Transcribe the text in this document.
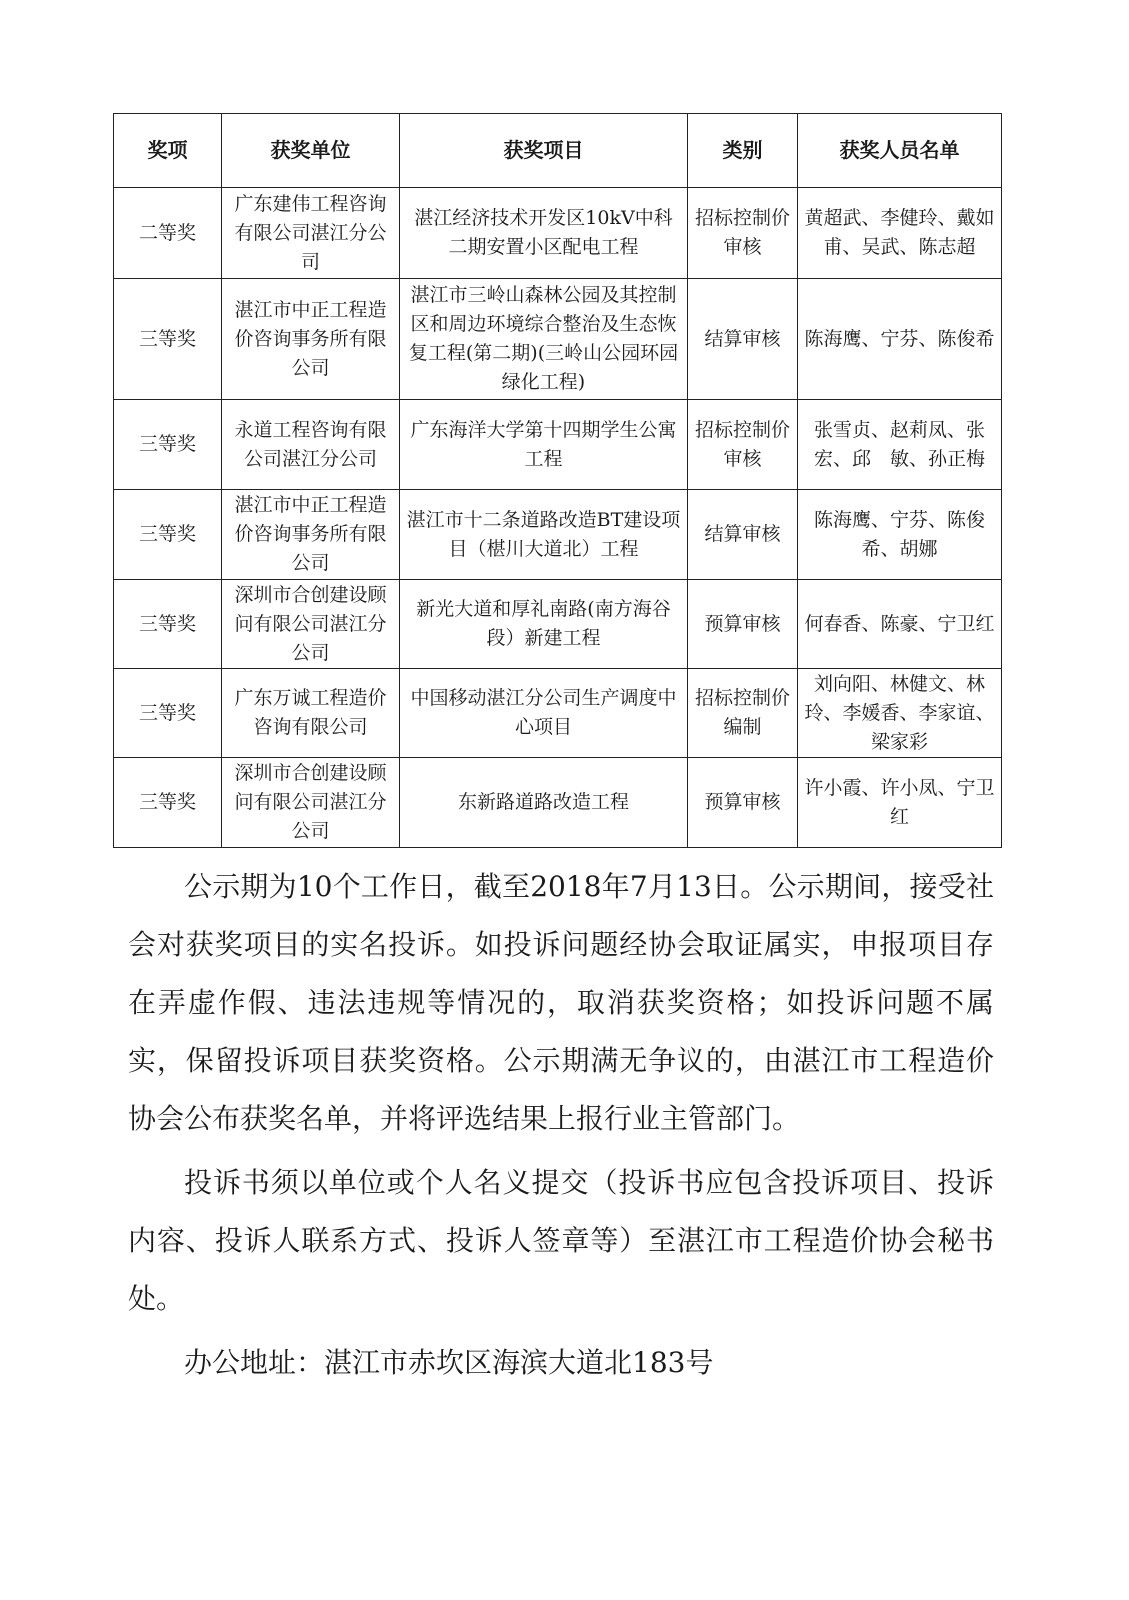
奖项	获奖单位	获奖项目	类别	获奖人员名单
二等奖	广东建伟工程咨询有限公司湛江分公司	湛江经济技术开发区10kV中科二期安置小区配电工程	招标控制价审核	黄超武、李健玲、戴如甫、吴武、陈志超
三等奖	湛江市中正工程造价咨询事务所有限公司	湛江市三岭山森林公园及其控制区和周边环境综合整治及生态恢复工程(第二期)(三岭山公园环园绿化工程)	结算审核	陈海鹰、宁芬、陈俊希
三等奖	永道工程咨询有限公司湛江分公司	广东海洋大学第十四期学生公寓工程	招标控制价审核	张雪贞、赵莉凤、张　宏、邱　敏、孙正梅
三等奖	湛江市中正工程造价咨询事务所有限公司	湛江市十二条道路改造BT建设项目（椹川大道北）工程	结算审核	陈海鹰、宁芬、陈俊希、胡娜
三等奖	深圳市合创建设顾问有限公司湛江分公司	新光大道和厚礼南路(南方海谷段）新建工程	预算审核	何春香、陈豪、宁卫红
三等奖	广东万诚工程造价咨询有限公司	中国移动湛江分公司生产调度中心项目	招标控制价编制	刘向阳、林健文、林玲、李媛香、李家谊、梁家彩
三等奖	深圳市合创建设顾问有限公司湛江分公司	东新路道路改造工程	预算审核	许小霞、许小凤、宁卫红

公示期为10个工作日，截至2018年7月13日。公示期间，接受社会对获奖项目的实名投诉。如投诉问题经协会取证属实，申报项目存在弄虚作假、违法违规等情况的，取消获奖资格；如投诉问题不属实，保留投诉项目获奖资格。公示期满无争议的，由湛江市工程造价协会公布获奖名单，并将评选结果上报行业主管部门。

投诉书须以单位或个人名义提交（投诉书应包含投诉项目、投诉内容、投诉人联系方式、投诉人签章等）至湛江市工程造价协会秘书处。

办公地址：湛江市赤坎区海滨大道北183号
